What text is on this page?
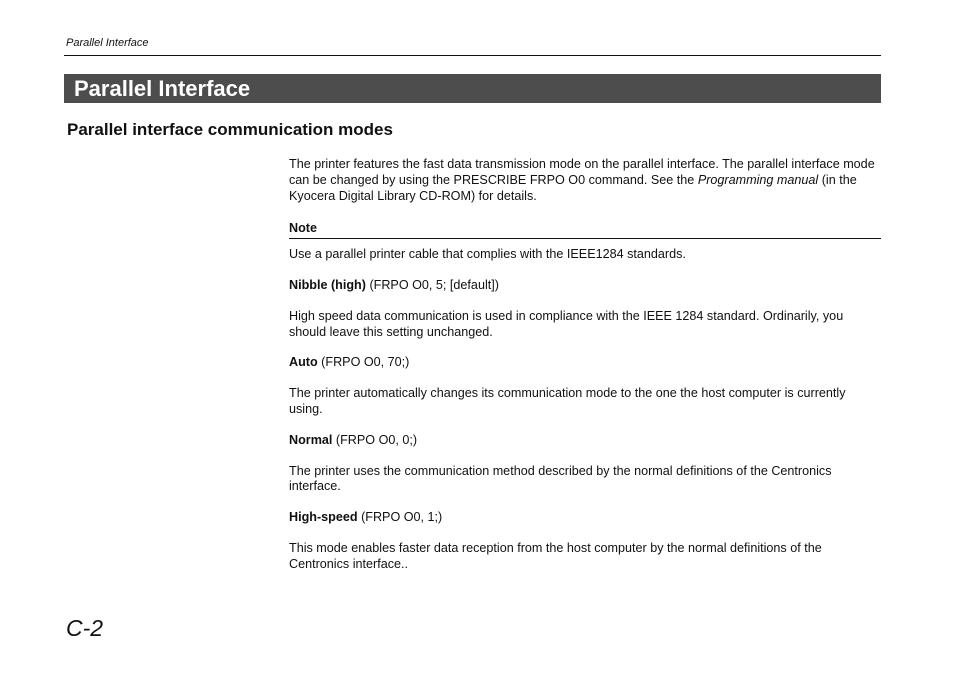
Parallel Interface
Parallel Interface
Parallel interface communication modes

The printer features the fast data transmission mode on the parallel interface. The parallel interface mode can be changed by using the PRESCRIBE FRPO O0 command. See the Programming manual (in the Kyocera Digital Library CD-ROM) for details.

Note

Use a parallel printer cable that complies with the IEEE1284 standards.

Nibble (high) (FRPO O0, 5; [default])

High speed data communication is used in compliance with the IEEE 1284 standard. Ordinarily, you should leave this setting unchanged.

Auto (FRPO O0, 70;)

The printer automatically changes its communication mode to the one the host computer is currently using.

Normal (FRPO O0, 0;)

The printer uses the communication method described by the normal definitions of the Centronics interface.

High-speed (FRPO O0, 1;)

This mode enables faster data reception from the host computer by the normal definitions of the Centronics interface..

C-2
